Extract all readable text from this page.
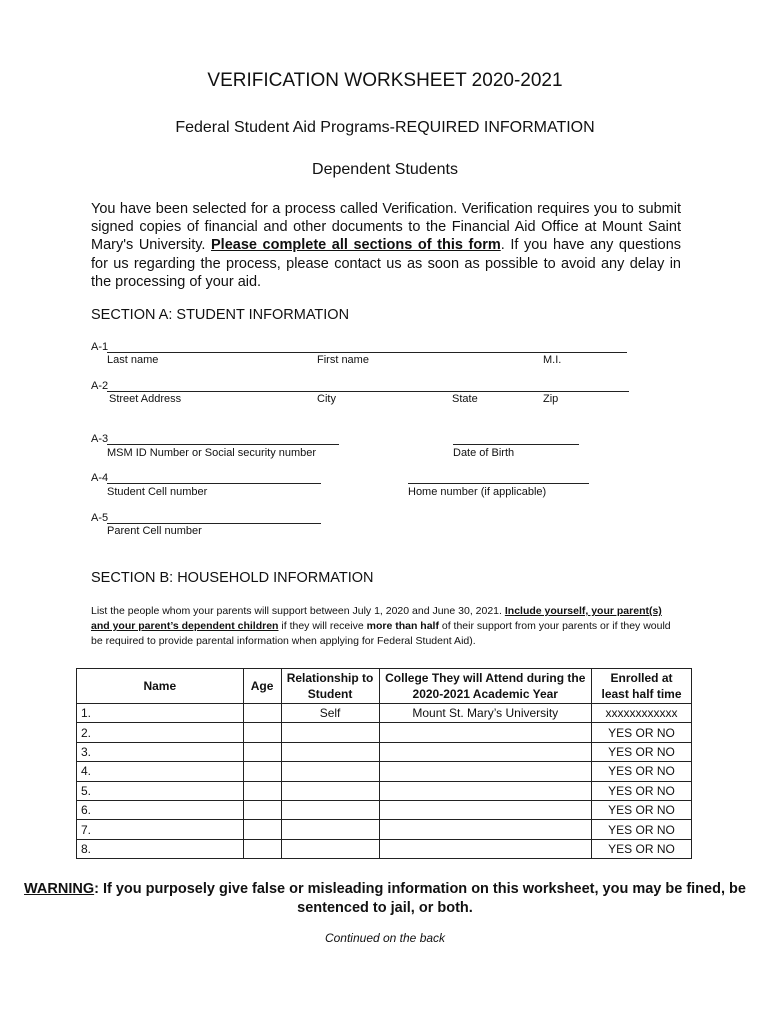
VERIFICATION WORKSHEET 2020-2021
Federal Student Aid Programs-REQUIRED INFORMATION
Dependent Students
You have been selected for a process called Verification. Verification requires you to submit signed copies of financial and other documents to the Financial Aid Office at Mount Saint Mary's University. Please complete all sections of this form. If you have any questions for us regarding the process, please contact us as soon as possible to avoid any delay in the processing of your aid.
SECTION A: STUDENT INFORMATION
A-1
Last name	First name	M.I.
A-2
Street Address	City	State	Zip
A-3
MSM ID Number or Social security number	Date of Birth
A-4
Student Cell number	Home number (if applicable)
A-5
Parent Cell number
SECTION B: HOUSEHOLD INFORMATION
List the people whom your parents will support between July 1, 2020 and June 30, 2021. Include yourself, your parent(s) and your parent’s dependent children if they will receive more than half of their support from your parents or if they would be required to provide parental information when applying for Federal Student Aid).
Name	Age	Relationship to Student	College They will Attend during the 2020-2021 Academic Year	Enrolled at least half time
1.		Self	Mount St. Mary’s University	xxxxxxxxxxxx
2.				YES OR NO
3.				YES OR NO
4.				YES OR NO
5.				YES OR NO
6.				YES OR NO
7.				YES OR NO
8.				YES OR NO
WARNING: If you purposely give false or misleading information on this worksheet, you may be fined, be sentenced to jail, or both.
Continued on the back
